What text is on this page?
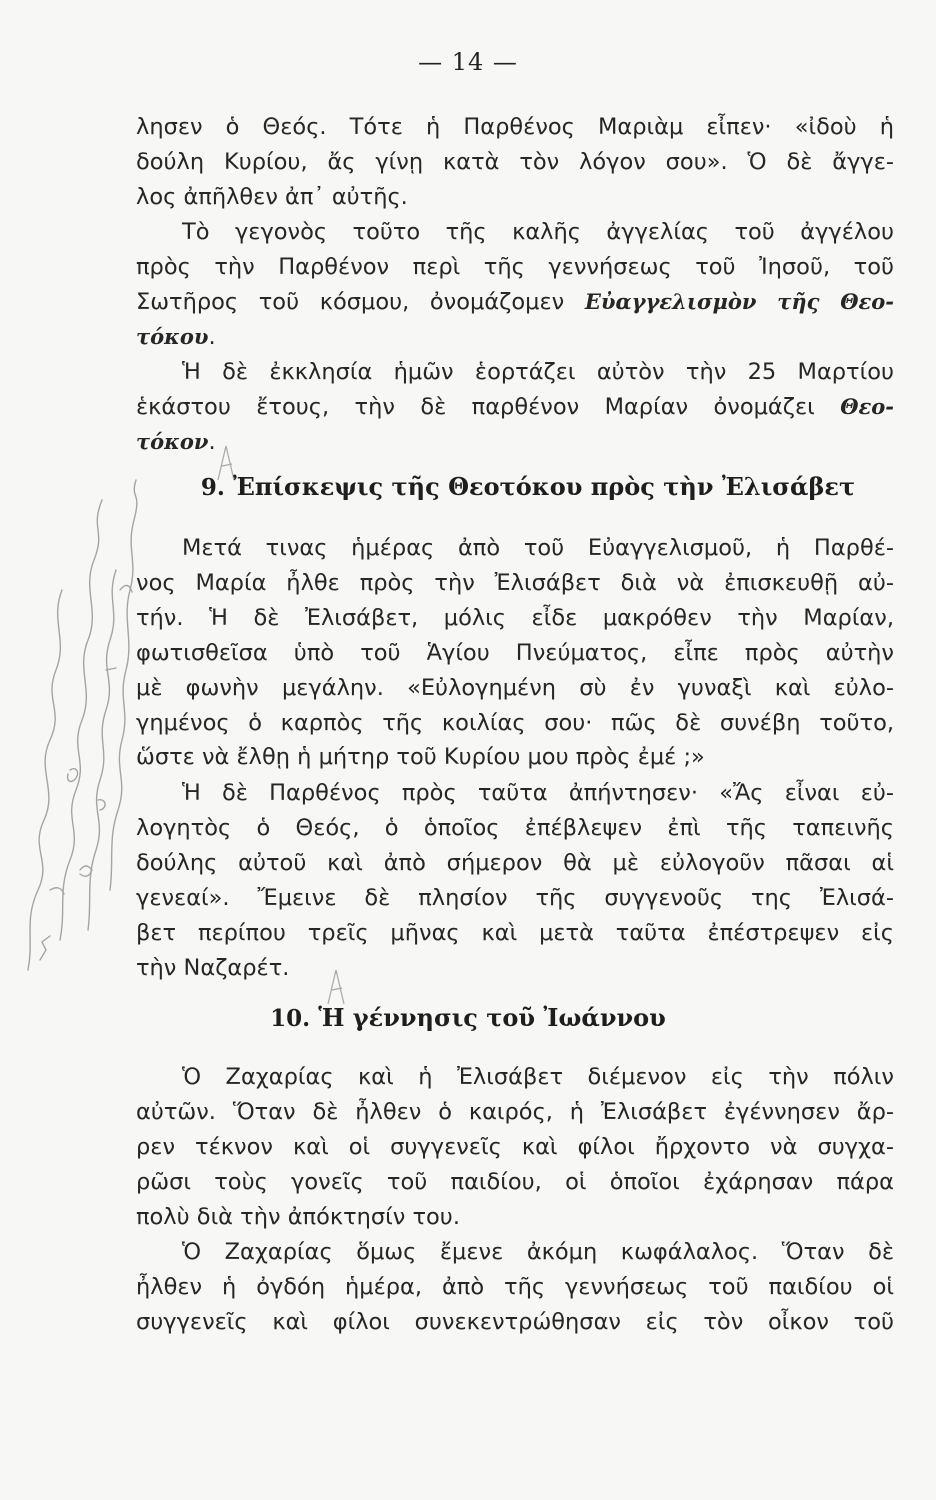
— 14 —
λησεν ὁ Θεός. Τότε ἡ Παρθένος Μαριὰμ εἶπεν· «ἰδοὺ ἡ
δούλη Κυρίου, ἄς γίνῃ κατὰ τὸν λόγον σου». Ὁ δὲ ἄγγε-
λος ἀπῆλθεν ἀπ᾽ αὐτῆς.
Τὸ γεγονὸς τοῦτο τῆς καλῆς ἀγγελίας τοῦ ἀγγέλου
πρὸς τὴν Παρθένον περὶ τῆς γεννήσεως τοῦ Ἰησοῦ, τοῦ
Σωτῆρος τοῦ κόσμου, ὀνομάζομεν Εὐαγγελισμὸν τῆς Θεο-
τόκου.
Ἡ δὲ ἐκκλησία ἡμῶν ἑορτάζει αὐτὸν τὴν 25 Μαρτίου
ἑκάστου ἔτους, τὴν δὲ παρθένον Μαρίαν ὀνομάζει Θεο-
τόκον.
9. Ἐπίσκεψις τῆς Θεοτόκου πρὸς τὴν Ἐλισάβετ
Μετά τινας ἡμέρας ἀπὸ τοῦ Εὐαγγελισμοῦ, ἡ Παρθέ-
νος Μαρία ἦλθε πρὸς τὴν Ἐλισάβετ διὰ νὰ ἐπισκευθῇ αὐ-
τήν. Ἡ δὲ Ἐλισάβετ, μόλις εἶδε μακρόθεν τὴν Μαρίαν,
φωτισθεῖσα ὑπὸ τοῦ Ἁγίου Πνεύματος, εἶπε πρὸς αὐτὴν
μὲ φωνὴν μεγάλην. «Εὐλογημένη σὺ ἐν γυναξὶ καὶ εὐλο-
γημένος ὁ καρπὸς τῆς κοιλίας σου· πῶς δὲ συνέβη τοῦτο,
ὥστε νὰ ἔλθῃ ἡ μήτηρ τοῦ Κυρίου μου πρὸς ἐμέ ;»
Ἡ δὲ Παρθένος πρὸς ταῦτα ἀπήντησεν· «Ἄς εἶναι εὐ-
λογητὸς ὁ Θεός, ὁ ὁποῖος ἐπέβλεψεν ἐπὶ τῆς ταπεινῆς
δούλης αὐτοῦ καὶ ἀπὸ σήμερον θὰ μὲ εὐλογοῦν πᾶσαι αἱ
γενεαί». Ἔμεινε δὲ πλησίον τῆς συγγενοῦς της Ἐλισά-
βετ περίπου τρεῖς μῆνας καὶ μετὰ ταῦτα ἐπέστρεψεν εἰς
τὴν Ναζαρέτ.
10. Ἡ γέννησις τοῦ Ἰωάννου
Ὁ Ζαχαρίας καὶ ἡ Ἐλισάβετ διέμενον εἰς τὴν πόλιν
αὐτῶν. Ὅταν δὲ ἦλθεν ὁ καιρός, ἡ Ἐλισάβετ ἐγέννησεν ἄρ-
ρεν τέκνον καὶ οἱ συγγενεῖς καὶ φίλοι ἤρχοντο νὰ συγχα-
ρῶσι τοὺς γονεῖς τοῦ παιδίου, οἱ ὁποῖοι ἐχάρησαν πάρα
πολὺ διὰ τὴν ἀπόκτησίν του.
Ὁ Ζαχαρίας ὅμως ἔμενε ἀκόμη κωφάλαλος. Ὅταν δὲ
ἦλθεν ἡ ὀγδόη ἡμέρα, ἀπὸ τῆς γεννήσεως τοῦ παιδίου οἱ
συγγενεῖς καὶ φίλοι συνεκεντρώθησαν εἰς τὸν οἶκον τοῦ
